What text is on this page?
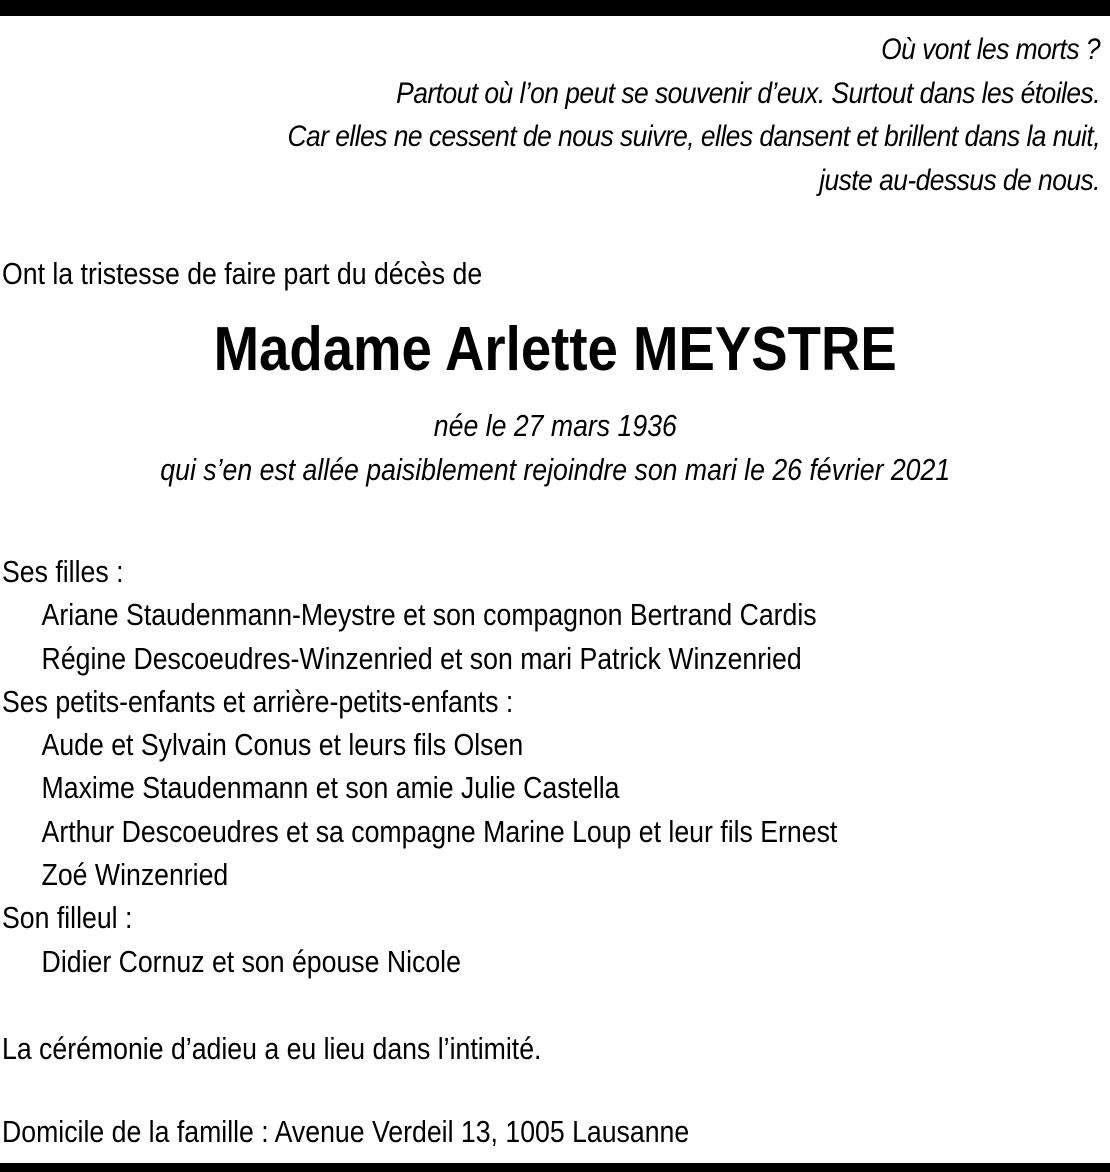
Où vont les morts ?
Partout où l’on peut se souvenir d’eux. Surtout dans les étoiles.
Car elles ne cessent de nous suivre, elles dansent et brillent dans la nuit,
juste au-dessus de nous.
Ont la tristesse de faire part du décès de
Madame Arlette MEYSTRE
née le 27 mars 1936
qui s’en est allée paisiblement rejoindre son mari le 26 février 2021
Ses filles :
Ariane Staudenmann-Meystre et son compagnon Bertrand Cardis
Régine Descoeudres-Winzenried et son mari Patrick Winzenried
Ses petits-enfants et arrière-petits-enfants :
Aude et Sylvain Conus et leurs fils Olsen
Maxime Staudenmann et son amie Julie Castella
Arthur Descoeudres et sa compagne Marine Loup et leur fils Ernest
Zoé Winzenried
Son filleul :
Didier Cornuz et son épouse Nicole
La cérémonie d’adieu a eu lieu dans l’intimité.
Domicile de la famille : Avenue Verdeil 13, 1005 Lausanne
